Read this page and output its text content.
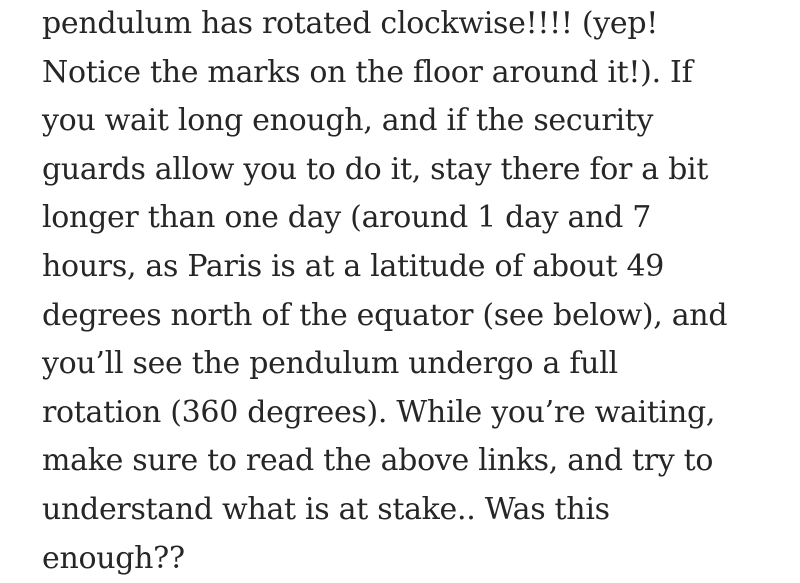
pendulum has rotated clockwise!!!! (yep!
Notice the marks on the floor around it!). If
you wait long enough, and if the security
guards allow you to do it, stay there for a bit
longer than one day (around 1 day and 7
hours, as Paris is at a latitude of about 49
degrees north of the equator (see below), and
you’ll see the pendulum undergo a full
rotation (360 degrees). While you’re waiting,
make sure to read the above links, and try to
understand what is at stake.. Was this
enough??
